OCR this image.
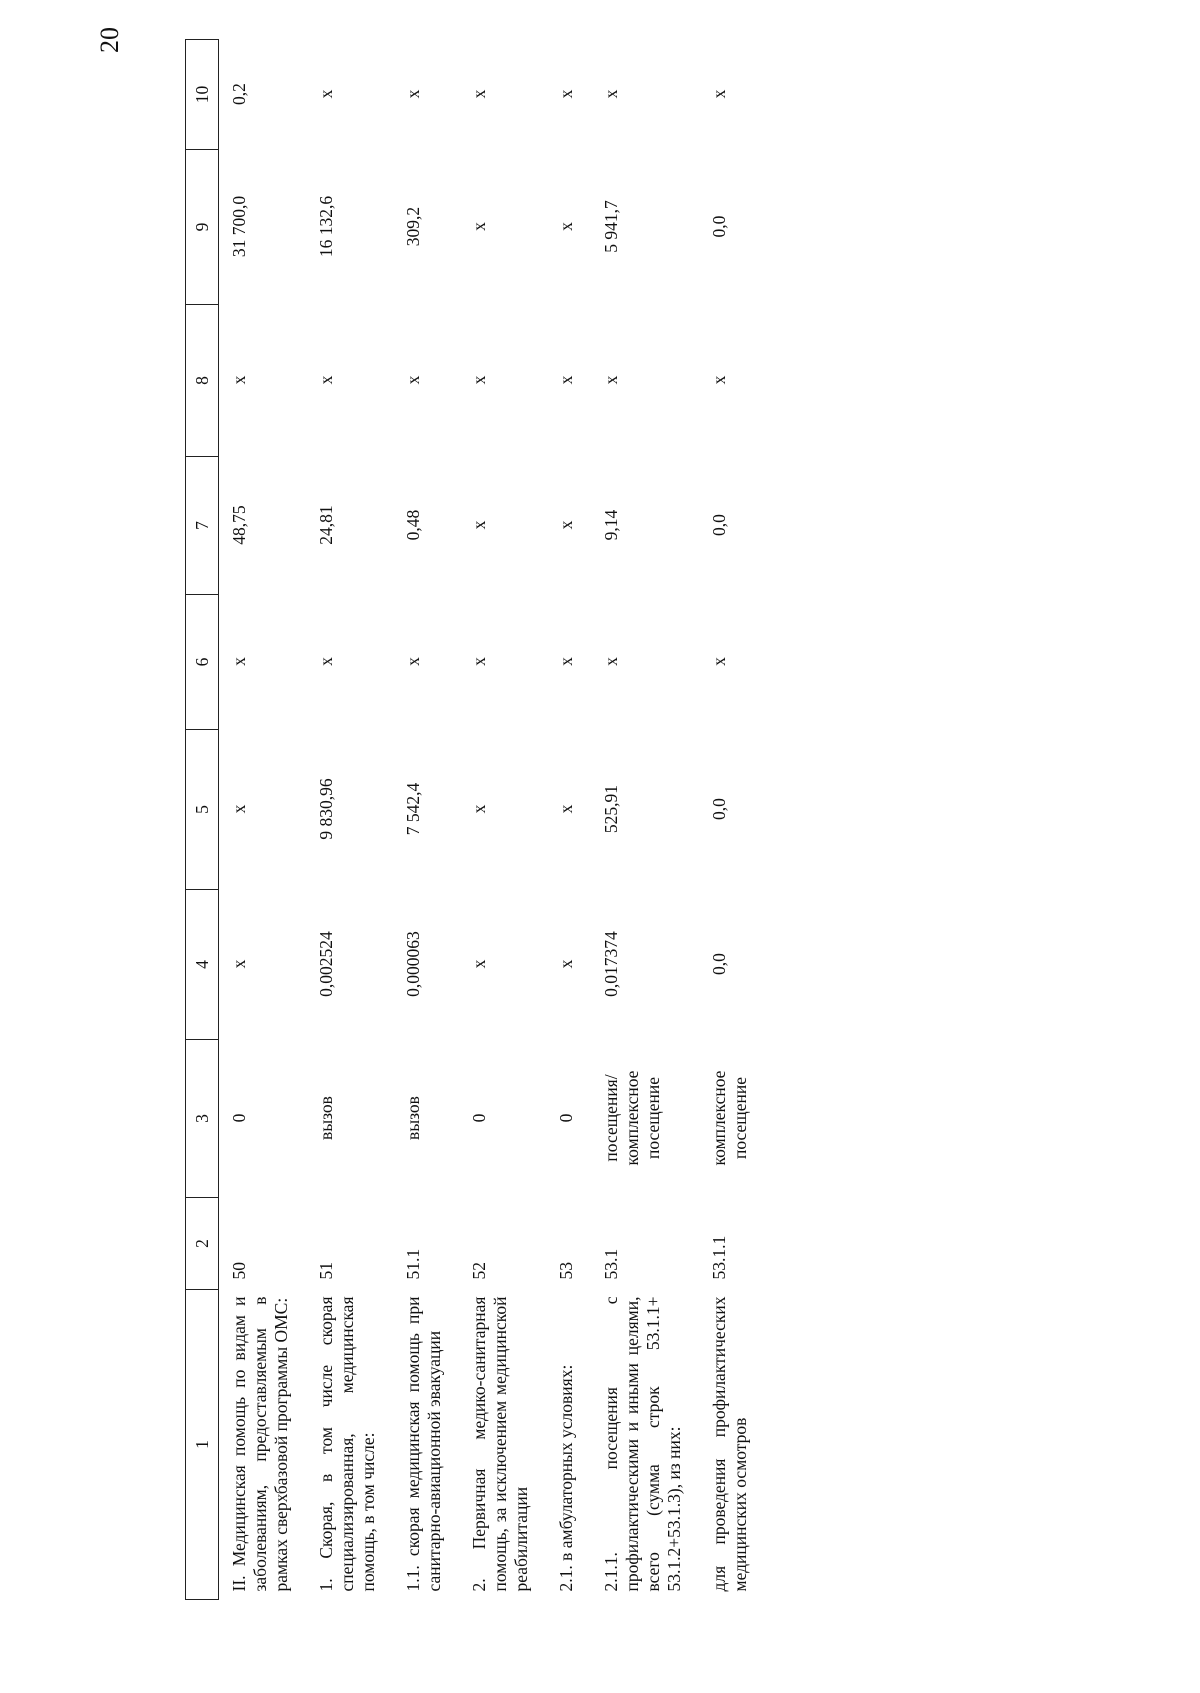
20
1	2	3	4	5	6	7	8	9	10
II. Медицинская помощь по видам и заболеваниям, предоставляемым в рамках сверхбазовой программы ОМС:	50	0	х	х	х	48,75	х	31 700,0	0,2
1. Скорая, в том числе скорая специализированная, медицинская помощь, в том числе:	51	вызов	0,002524	9 830,96	х	24,81	х	16 132,6	х
1.1. скорая медицинская помощь при санитарно-авиационной эвакуации	51.1	вызов	0,000063	7 542,4	х	0,48	х	309,2	х
2. Первичная медико-санитарная помощь, за исключением медицинской реабилитации	52	0	х	х	х	х	х	х	х
2.1. в амбулаторных условиях:	53	0	х	х	х	х	х	х	х
2.1.1. посещения с профилактическими и иными целями, всего (сумма строк 53.1.1+ 53.1.2+53.1.3), из них:	53.1	посещения/ комплексное посещение	0,017374	525,91	х	9,14	х	5 941,7	х
для проведения профилактических медицинских осмотров	53.1.1	комплексное посещение	0,0	0,0	х	0,0	х	0,0	х
